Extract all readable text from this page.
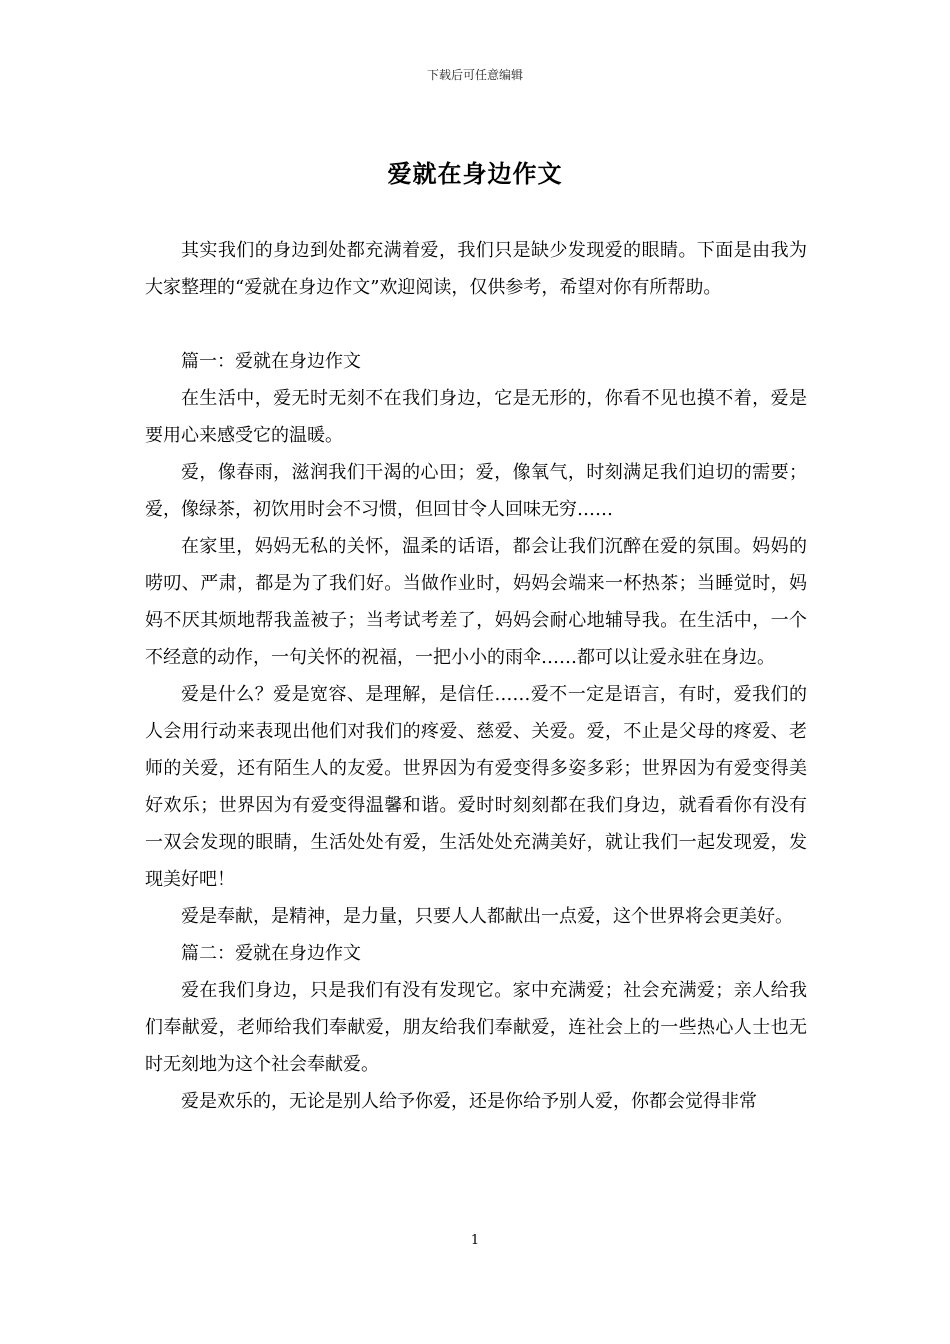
下载后可任意编辑
爱就在身边作文

其实我们的身边到处都充满着爱，我们只是缺少发现爱的眼睛。下面是由我为大家整理的“爱就在身边作文”欢迎阅读，仅供参考，希望对你有所帮助。

篇一：爱就在身边作文

在生活中，爱无时无刻不在我们身边，它是无形的，你看不见也摸不着，爱是要用心来感受它的温暖。

爱，像春雨，滋润我们干渴的心田；爱，像氧气，时刻满足我们迫切的需要；爱，像绿茶，初饮用时会不习惯，但回甘令人回味无穷……

在家里，妈妈无私的关怀，温柔的话语，都会让我们沉醉在爱的氛围。妈妈的唠叨、严肃，都是为了我们好。当做作业时，妈妈会端来一杯热茶；当睡觉时，妈妈不厌其烦地帮我盖被子；当考试考差了，妈妈会耐心地辅导我。在生活中，一个不经意的动作，一句关怀的祝福，一把小小的雨伞……都可以让爱永驻在身边。

爱是什么？爱是宽容、是理解，是信任……爱不一定是语言，有时，爱我们的人会用行动来表现出他们对我们的疼爱、慈爱、关爱。爱，不止是父母的疼爱、老师的关爱，还有陌生人的友爱。世界因为有爱变得多姿多彩；世界因为有爱变得美好欢乐；世界因为有爱变得温馨和谐。爱时时刻刻都在我们身边，就看看你有没有一双会发现的眼睛，生活处处有爱，生活处处充满美好，就让我们一起发现爱，发现美好吧！

爱是奉献，是精神，是力量，只要人人都献出一点爱，这个世界将会更美好。

篇二：爱就在身边作文

爱在我们身边，只是我们有没有发现它。家中充满爱；社会充满爱；亲人给我们奉献爱，老师给我们奉献爱，朋友给我们奉献爱，连社会上的一些热心人士也无时无刻地为这个社会奉献爱。

爱是欢乐的，无论是别人给予你爱，还是你给予别人爱，你都会觉得非常

1
